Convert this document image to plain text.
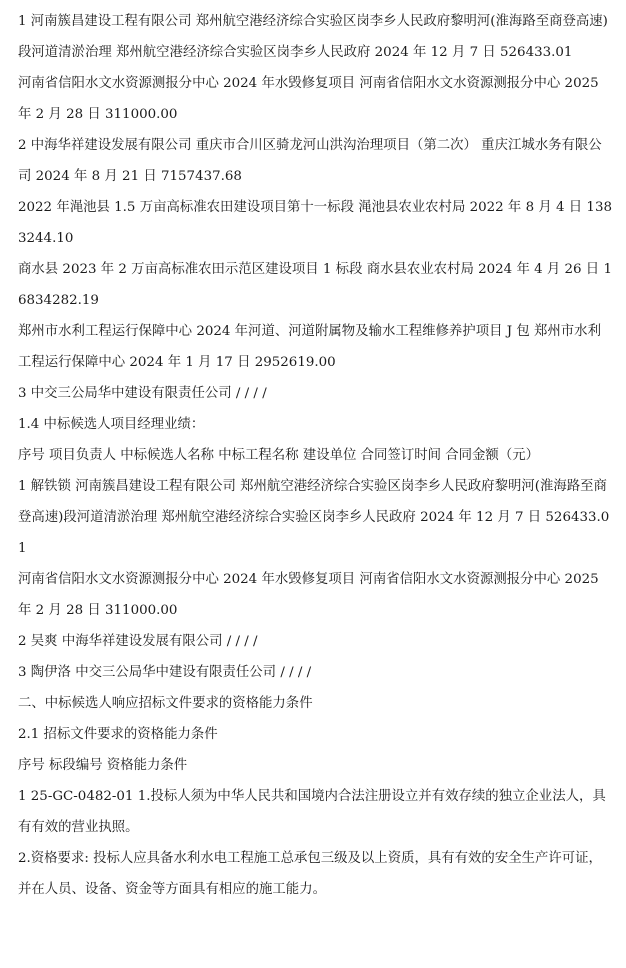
1 河南簇昌建设工程有限公司 郑州航空港经济综合实验区岗李乡人民政府黎明河(淮海路至商登高速)段河道清淤治理 郑州航空港经济综合实验区岗李乡人民政府 2024 年 12 月 7 日 526433.01

河南省信阳水文水资源测报分中心 2024 年水毁修复项目 河南省信阳水文水资源测报分中心 2025 年 2 月 28 日 311000.00

2 中海华祥建设发展有限公司 重庆市合川区骑龙河山洪沟治理项目（第二次） 重庆江城水务有限公司 2024 年 8 月 21 日 7157437.68

2022 年渑池县 1.5 万亩高标准农田建设项目第十一标段 渑池县农业农村局 2022 年 8 月 4 日 1383244.10

商水县 2023 年 2 万亩高标准农田示范区建设项目 1 标段 商水县农业农村局 2024 年 4 月 26 日 16834282.19

郑州市水利工程运行保障中心 2024 年河道、河道附属物及输水工程维修养护项目 J 包 郑州市水利工程运行保障中心 2024 年 1 月 17 日 2952619.00

3 中交三公局华中建设有限责任公司 / / / /

1.4 中标候选人项目经理业绩：

序号 项目负责人 中标候选人名称 中标工程名称 建设单位 合同签订时间 合同金额（元）

1 解铁锁 河南簇昌建设工程有限公司 郑州航空港经济综合实验区岗李乡人民政府黎明河(淮海路至商登高速)段河道清淤治理 郑州航空港经济综合实验区岗李乡人民政府 2024 年 12 月 7 日 526433.01

河南省信阳水文水资源测报分中心 2024 年水毁修复项目 河南省信阳水文水资源测报分中心 2025 年 2 月 28 日 311000.00

2 吴爽 中海华祥建设发展有限公司 / / / /

3 陶伊洛 中交三公局华中建设有限责任公司 / / / /

二、中标候选人响应招标文件要求的资格能力条件

2.1 招标文件要求的资格能力条件

序号 标段编号 资格能力条件

1 25-GC-0482-01 1.投标人须为中华人民共和国境内合法注册设立并有效存续的独立企业法人，具有有效的营业执照。

2.资格要求: 投标人应具备水利水电工程施工总承包三级及以上资质，具有有效的安全生产许可证，并在人员、设备、资金等方面具有相应的施工能力。
